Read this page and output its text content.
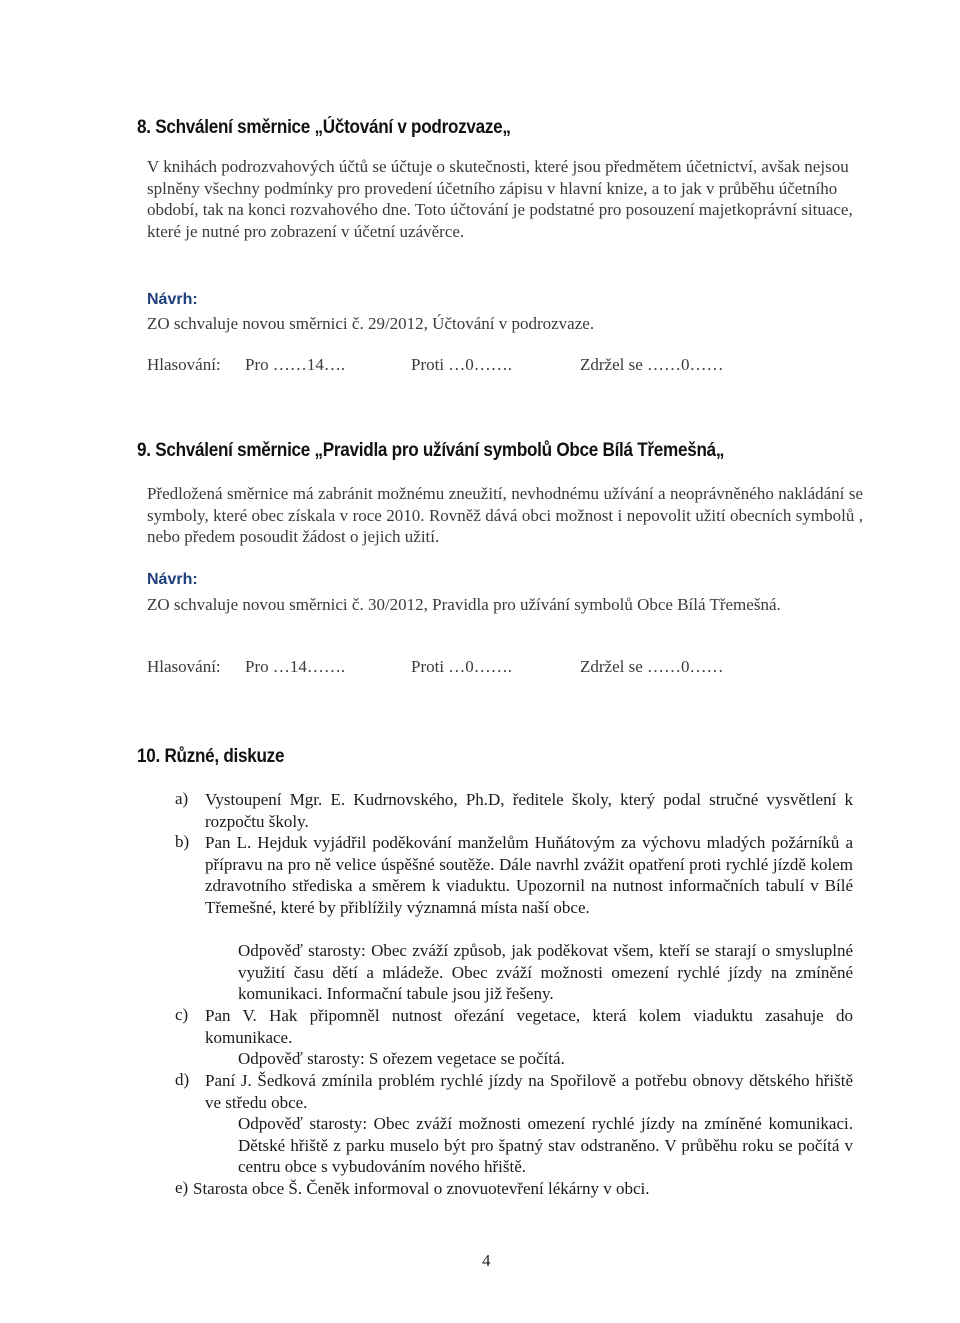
8. Schválení směrnice „Účtování v podrozvaze„

V knihách podrozvahových účtů se účtuje o skutečnosti, které jsou předmětem účetnictví, avšak nejsou splněny všechny podmínky pro provedení účetního zápisu v hlavní knize, a to jak v průběhu účetního období, tak na konci rozvahového dne. Toto účtování je podstatné pro posouzení majetkoprávní situace, které je nutné pro zobrazení v účetní uzávěrce.

Návrh:
ZO schvaluje novou směrnici č. 29/2012, Účtování v podrozvaze.
Hlasování: Pro ……14….	Proti …0…….	Zdržel se ……0……
9. Schválení směrnice „Pravidla pro užívání symbolů Obce Bílá Třemešná„

Předložená směrnice má zabránit možnému zneužití, nevhodnému užívání a neoprávněného nakládání se symboly, které obec získala v roce 2010. Rovněž dává obci možnost i nepovolit užití obecních symbolů , nebo předem posoudit žádost o jejich užití.

Návrh:

ZO schvaluje novou směrnici č. 30/2012, Pravidla pro užívání symbolů Obce Bílá Třemešná.

Hlasování: Pro …14…….	Proti …0…….	Zdržel se ……0……
10. Různé, diskuze
a) Vystoupení Mgr. E. Kudrnovského, Ph.D, ředitele školy, který podal stručné vysvětlení k rozpočtu školy.

b) Pan L. Hejduk vyjádřil poděkování manželům Huňátovým za výchovu mladých požárníků a přípravu na pro ně velice úspěšné soutěže. Dále navrhl zvážit opatření proti rychlé jízdě kolem zdravotního střediska a směrem k viaduktu. Upozornil na nutnost informačních tabulí v Bílé Třemešné, které by přiblížily významná místa naší obce.

Odpověď starosty: Obec zváží způsob, jak poděkovat všem, kteří se starají o smysluplné využití času dětí a mládeže. Obec zváží možnosti omezení rychlé jízdy na zmíněné komunikaci. Informační tabule jsou již řešeny.

c) Pan V. Hak připomněl nutnost ořezání vegetace, která kolem viaduktu zasahuje do komunikace.

Odpověď starosty: S ořezem vegetace se počítá.

d) Paní J. Šedková zmínila problém rychlé jízdy na Spořilově a potřebu obnovy dětského hřiště ve středu obce.

Odpověď starosty: Obec zváží možnosti omezení rychlé jízdy na zmíněné komunikaci. Dětské hřiště z parku muselo být pro špatný stav odstraněno. V průběhu roku se počítá v centru obce s vybudováním nového hřiště.

e) Starosta obce Š. Čeněk informoval o znovuotevření lékárny v obci.

4
